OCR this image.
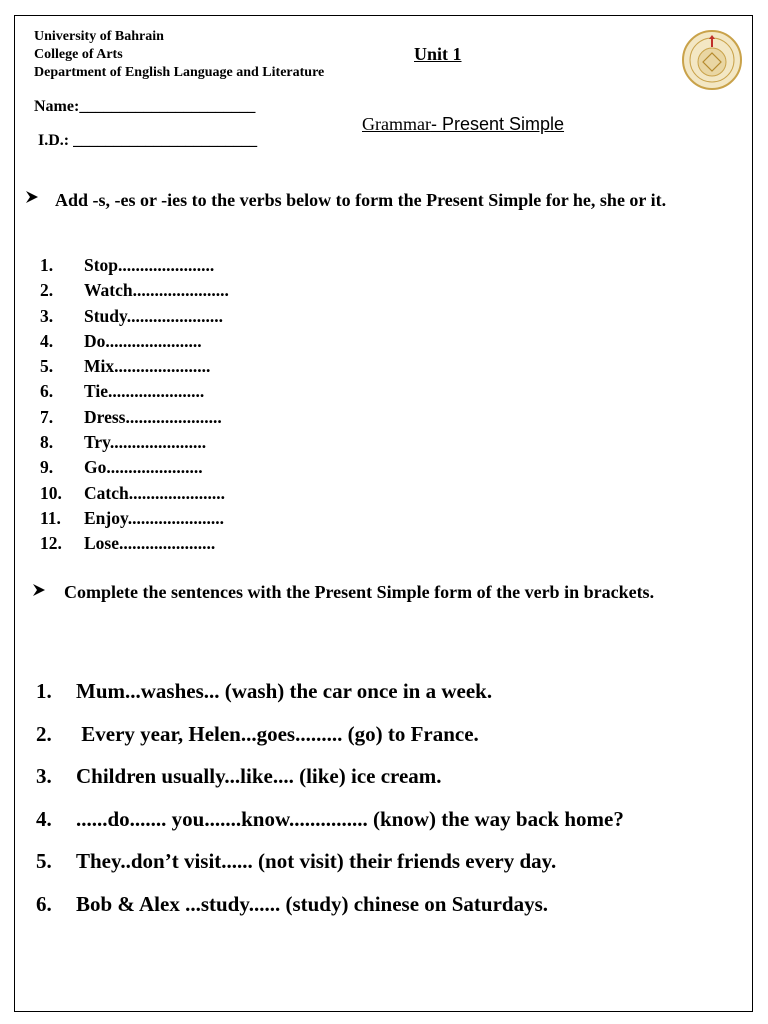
University of Bahrain
College of Arts
Department of English Language and Literature
Unit 1
Name:______________________
I.D.: _______________________
Grammar- Present Simple
Add -s, -es or -ies to the verbs below to form the Present Simple for he, she or it.
1. Stop......................
2. Watch......................
3. Study......................
4. Do......................
5. Mix......................
6. Tie......................
7. Dress......................
8. Try......................
9. Go......................
10. Catch......................
11. Enjoy......................
12. Lose......................
Complete the sentences with the Present Simple form of the verb in brackets.
1. Mum...washes... (wash) the car once in a week.
2. Every year, Helen...goes......... (go) to France.
3. Children usually...like.... (like) ice cream.
4. ......do....... you.......know............... (know) the way back home?
5. They..don’t visit...... (not visit) their friends every day.
6. Bob & Alex ...study...... (study) chinese on Saturdays.
